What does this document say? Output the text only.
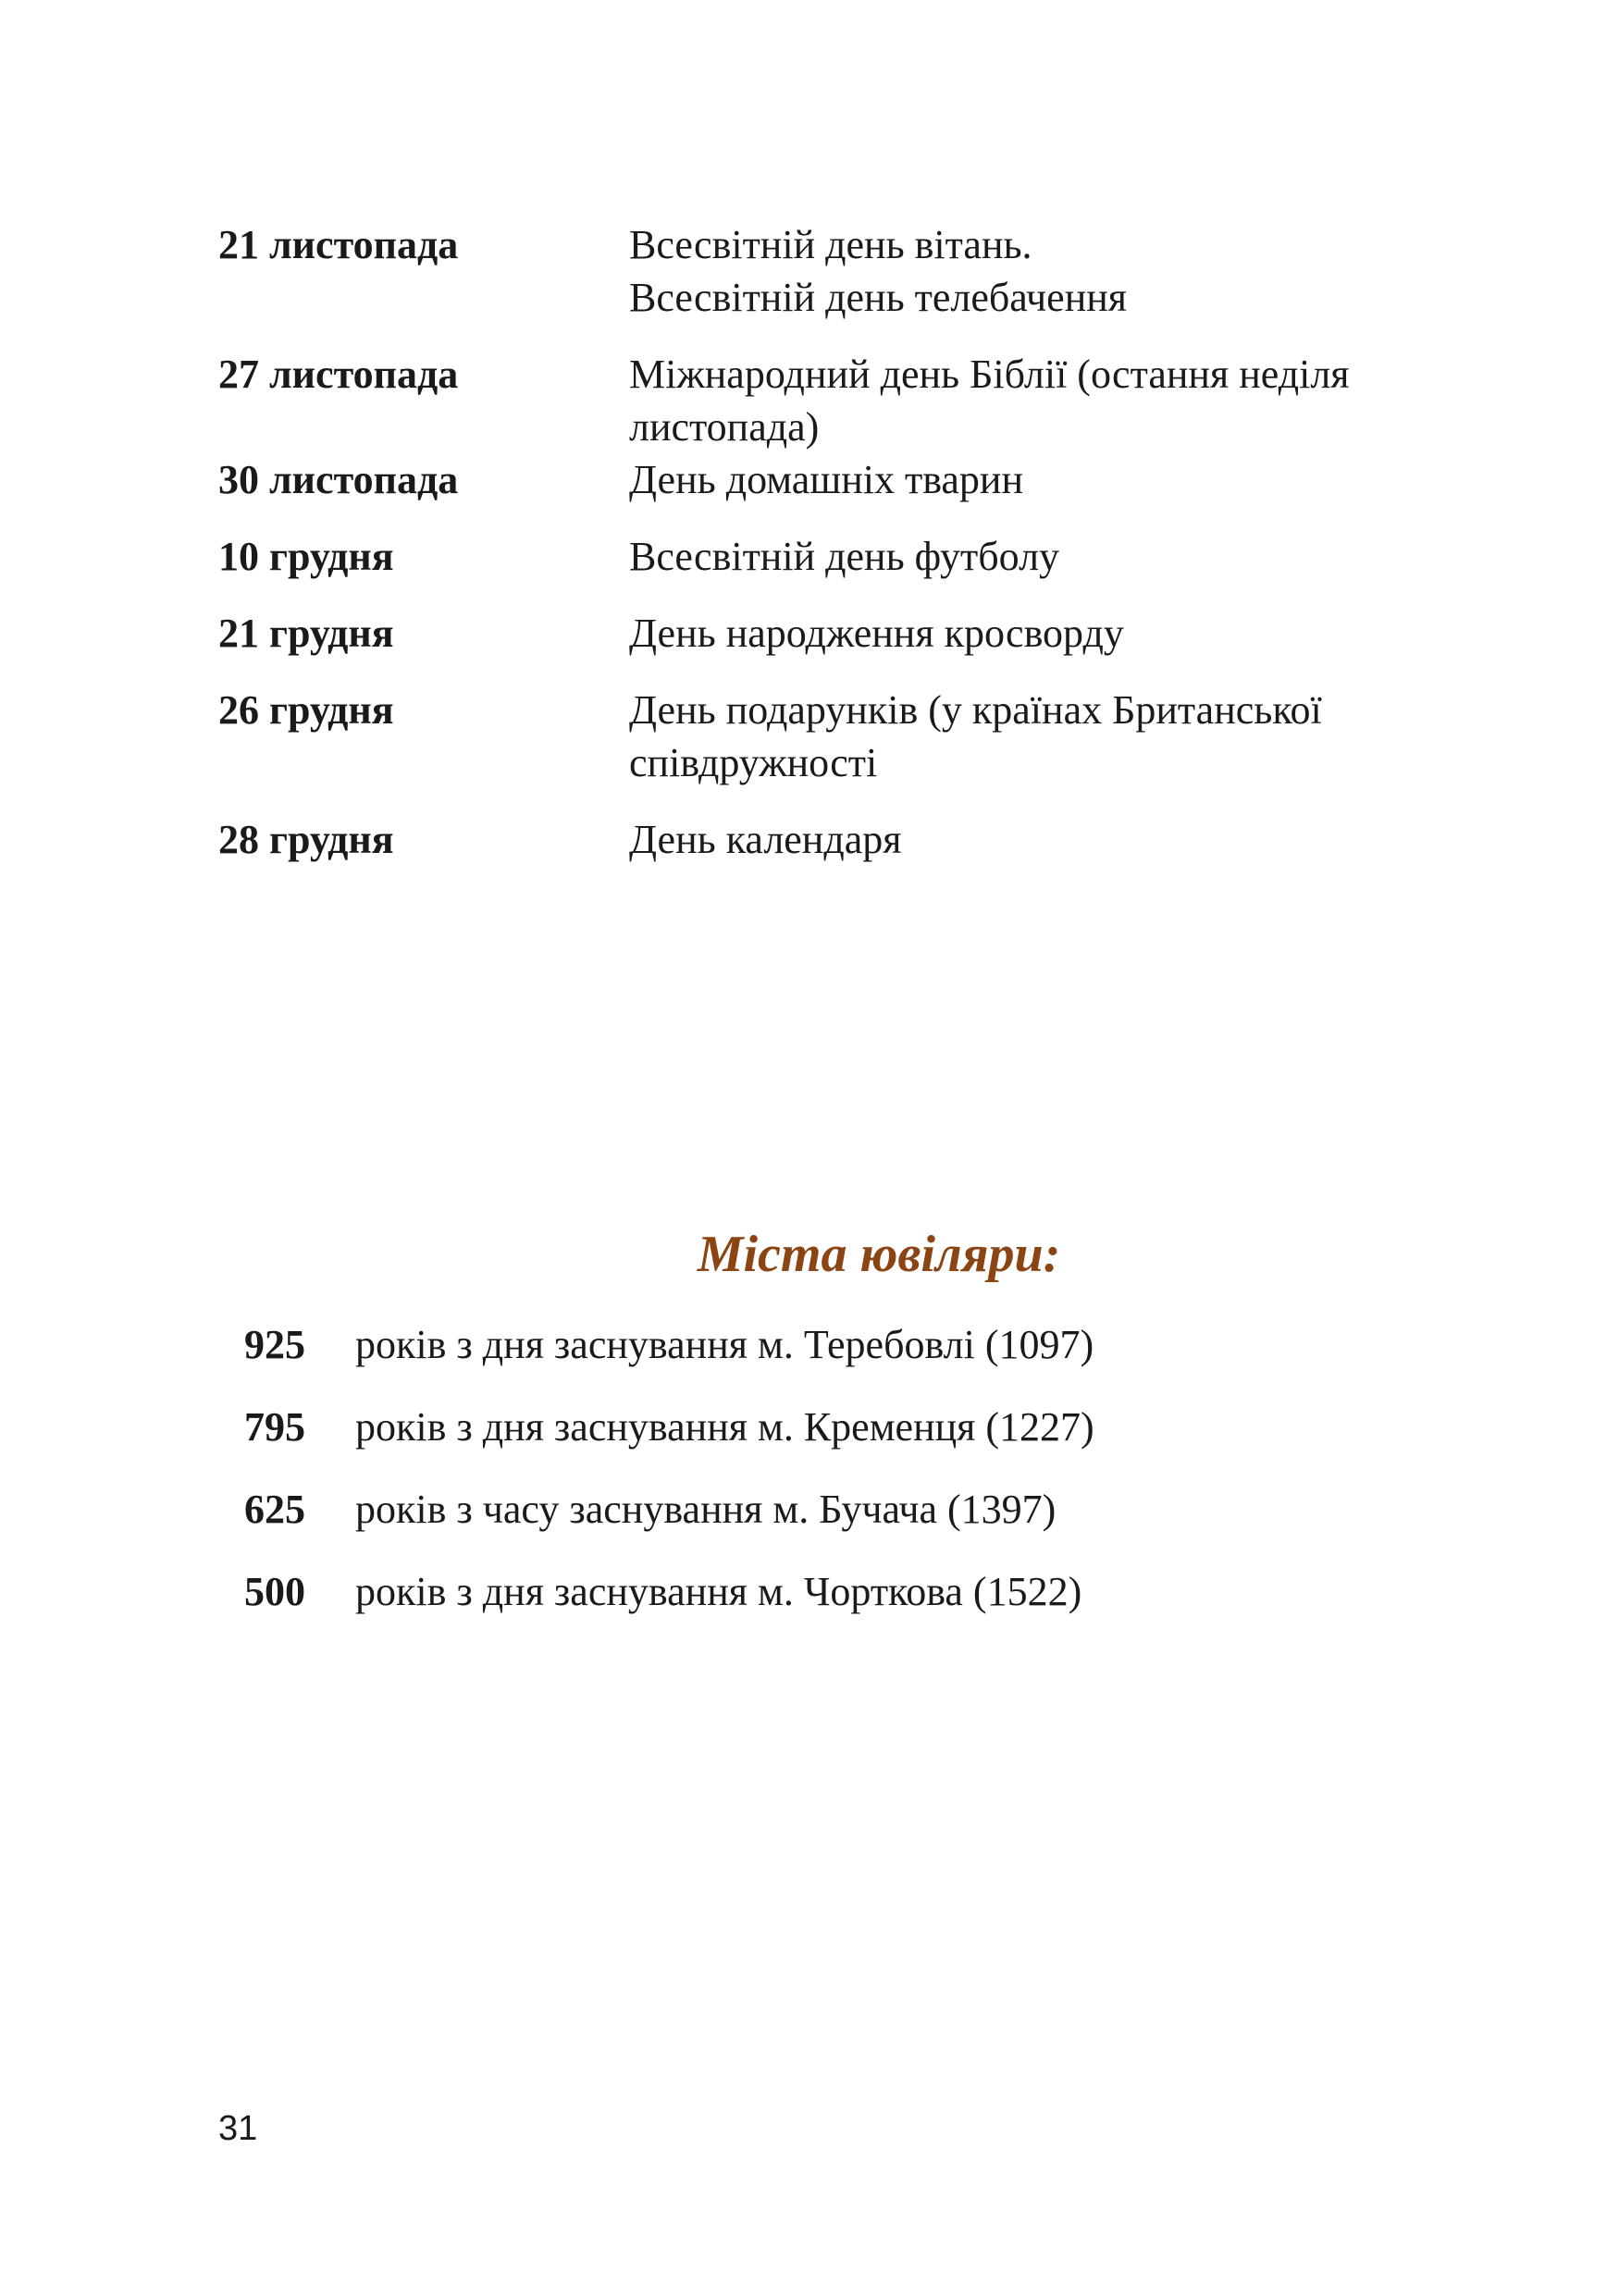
21 листопада	Всесвітній день вітань.
Всесвітній день телебачення
27 листопада	Міжнародний день Біблії (остання неділя
листопада)
30 листопада	День домашніх тварин
10 грудня	Всесвітній день футболу
21 грудня	День народження кросворду
26 грудня	День подарунків (у країнах Британської
співдружності
28 грудня	День календаря
Міста ювіляри:
925 років з дня заснування м. Теребовлі (1097)
795 років з дня заснування м. Кременця (1227)
625 років з часу заснування м. Бучача (1397)
500 років з дня заснування м. Чорткова (1522)
31
